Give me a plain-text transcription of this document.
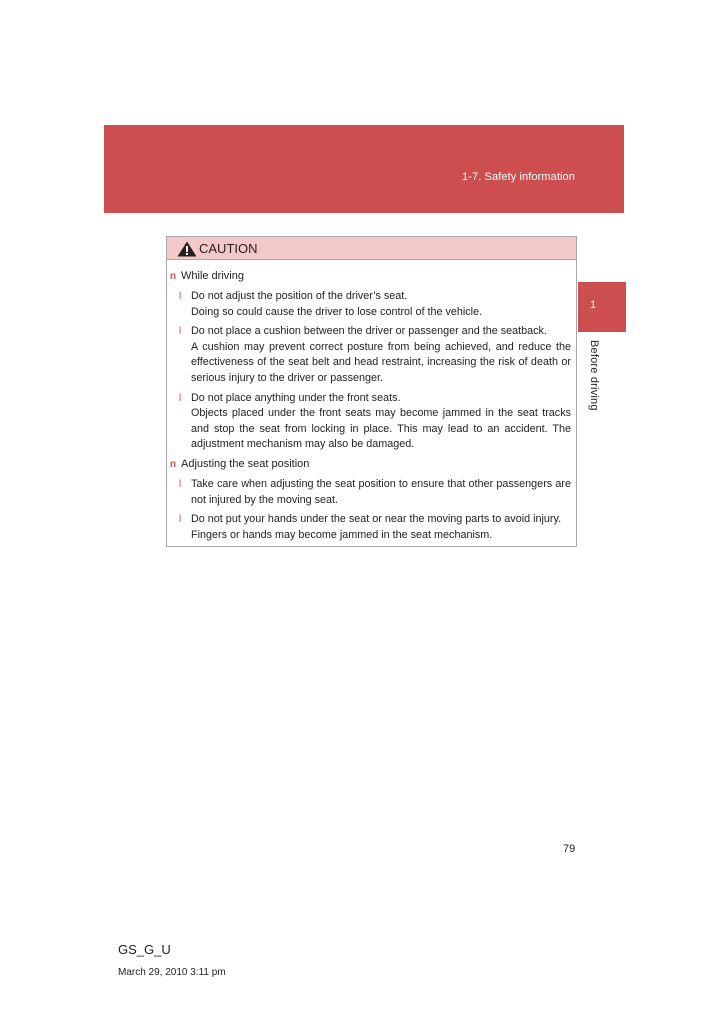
1-7. Safety information
1
Before driving
CAUTION
n While driving
l Do not adjust the position of the driver’s seat.

Doing so could cause the driver to lose control of the vehicle.

l Do not place a cushion between the driver or passenger and the seatback.

A cushion may prevent correct posture from being achieved, and reduce the effectiveness of the seat belt and head restraint, increasing the risk of death or serious injury to the driver or passenger.

l Do not place anything under the front seats.

Objects placed under the front seats may become jammed in the seat tracks and stop the seat from locking in place. This may lead to an accident. The adjustment mechanism may also be damaged.

n Adjusting the seat position
l Take care when adjusting the seat position to ensure that other passengers are not injured by the moving seat.

l Do not put your hands under the seat or near the moving parts to avoid injury.

Fingers or hands may become jammed in the seat mechanism.

79
GS_G_U
March 29, 2010 3:11 pm
